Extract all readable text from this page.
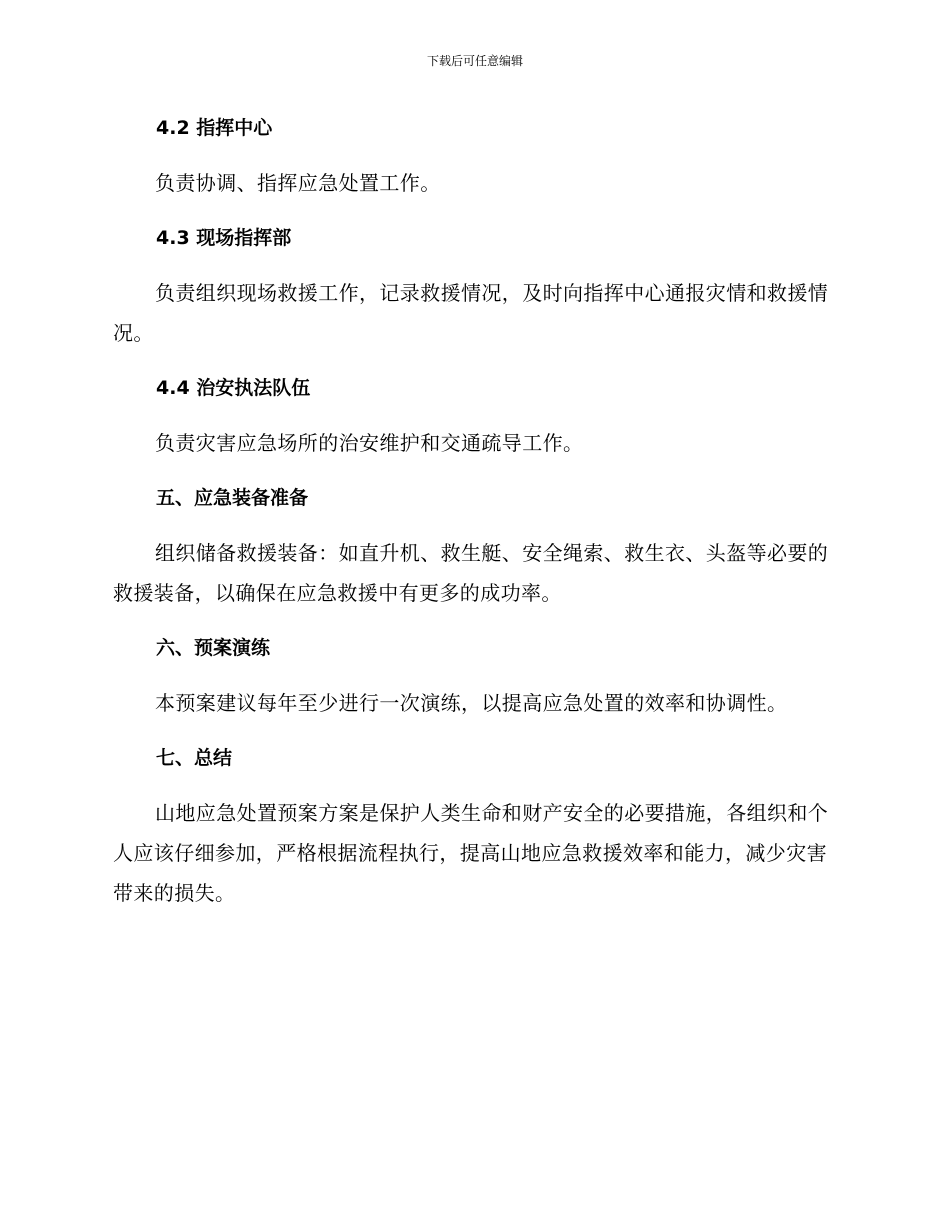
下载后可任意编辑
4.2 指挥中心

负责协调、指挥应急处置工作。

4.3 现场指挥部

负责组织现场救援工作，记录救援情况，及时向指挥中心通报灾情和救援情况。

4.4 治安执法队伍

负责灾害应急场所的治安维护和交通疏导工作。

五、应急装备准备

组织储备救援装备：如直升机、救生艇、安全绳索、救生衣、头盔等必要的救援装备，以确保在应急救援中有更多的成功率。

六、预案演练

本预案建议每年至少进行一次演练，以提高应急处置的效率和协调性。

七、总结

山地应急处置预案方案是保护人类生命和财产安全的必要措施，各组织和个人应该仔细参加，严格根据流程执行，提高山地应急救援效率和能力，减少灾害带来的损失。
